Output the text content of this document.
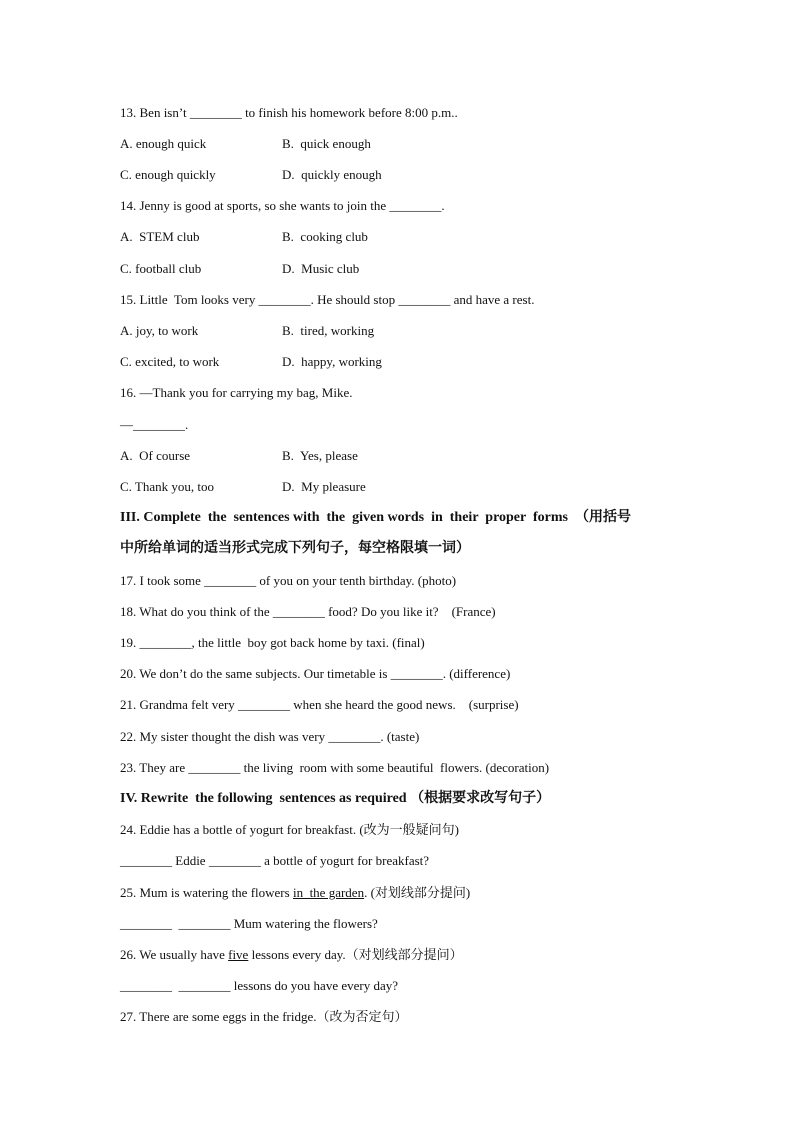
13. Ben isn’t ________ to finish his homework before 8:00 p.m..
A. enough quick	B.  quick enough
C. enough quickly	D.  quickly enough
14. Jenny is good at sports, so she wants to join the ________.
A.  STEM club	B.  cooking club
C. football club	D.  Music club
15. Little  Tom looks very ________. He should stop ________ and have a rest.
A. joy, to work	B.  tired, working
C. excited, to work	D.  happy, working
16. —Thank you for carrying my bag, Mike.
—________.
A.  Of course	B.  Yes, please
C. Thank you, too	D.  My pleasure
III. Complete  the  sentences with  the  given words  in  their  proper  forms  （用括号
中所给单词的适当形式完成下列句子，每空格限填一词）
17. I took some ________ of you on your tenth birthday. (photo)
18. What do you think of the ________ food? Do you like it?    (France)
19. ________, the little  boy got back home by taxi. (final)
20. We don’t do the same subjects. Our timetable is ________. (difference)
21. Grandma felt very ________ when she heard the good news.    (surprise)
22. My sister thought the dish was very ________. (taste)
23. They are ________ the living  room with some beautiful  flowers. (decoration)
IV. Rewrite  the following  sentences as required （根据要求改写句子）
24. Eddie has a bottle of yogurt for breakfast. (改为一般疑问句)
________ Eddie ________ a bottle of yogurt for breakfast?
25. Mum is watering the flowers in  the garden. (对划线部分提问)
________  ________ Mum watering the flowers?
26. We usually have five lessons every day.（对划线部分提问）
________  ________ lessons do you have every day?
27. There are some eggs in the fridge.（改为否定句）
